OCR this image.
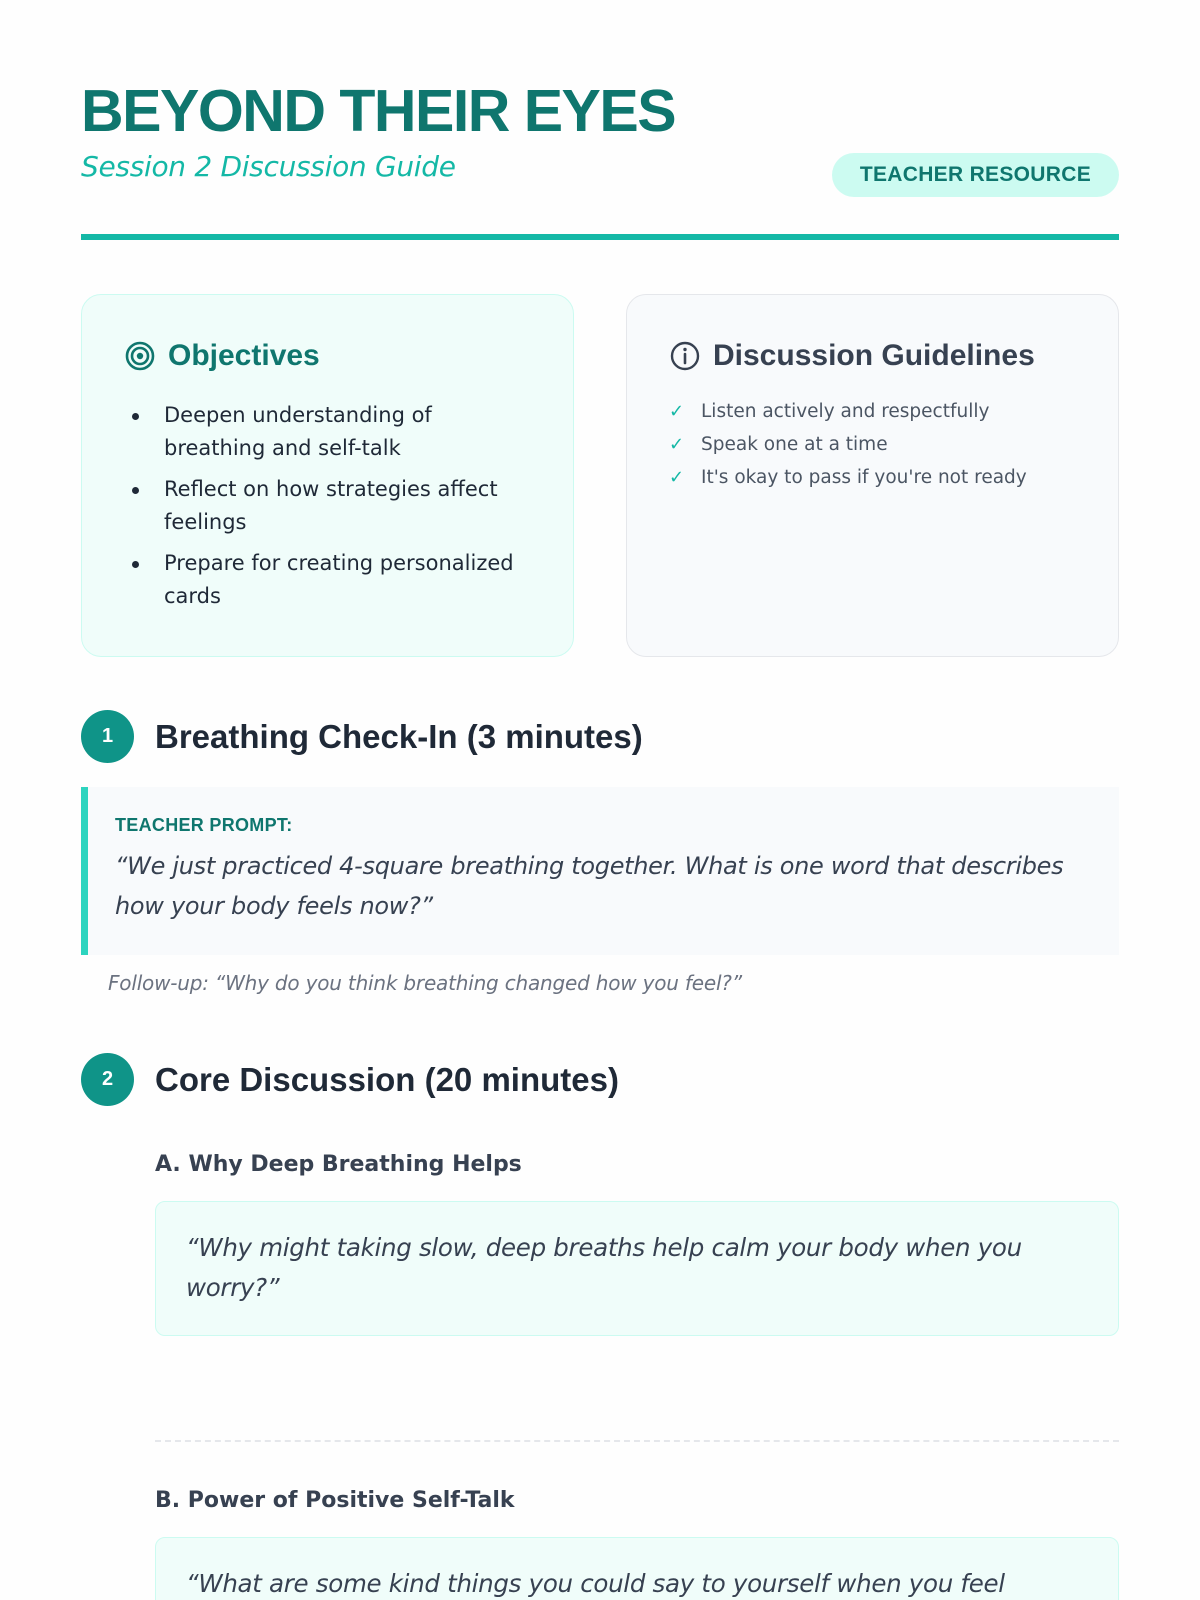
BEYOND THEIR EYES
Session 2 Discussion Guide	TEACHER RESOURCE
Objectives
Deepen understanding of breathing and self-talk
Reflect on how strategies affect feelings
Prepare for creating personalized cards
Discussion Guidelines
✓ Listen actively and respectfully
✓ Speak one at a time
✓ It's okay to pass if you're not ready
1	Breathing Check-In (3 minutes)
TEACHER PROMPT:

“We just practiced 4-square breathing together. What is one word that describes how your body feels now?”

Follow-up: “Why do you think breathing changed how you feel?”

2	Core Discussion (20 minutes)
A. Why Deep Breathing Helps

“Why might taking slow, deep breaths help calm your body when you worry?”

B. Power of Positive Self-Talk

“What are some kind things you could say to yourself when you feel
